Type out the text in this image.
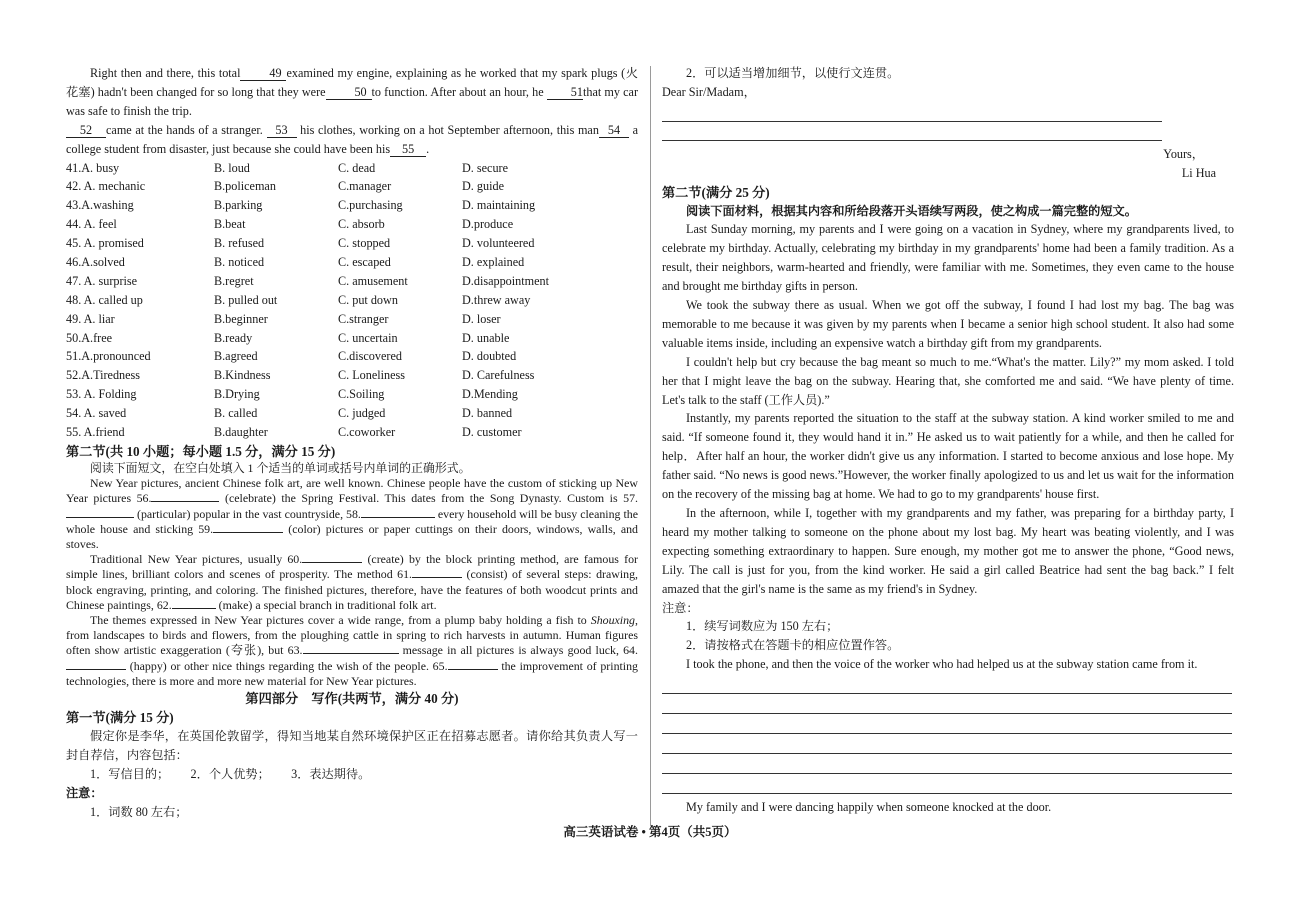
Right then and there, this total 49 examined my engine, explaining as he worked that my spark plugs (火花塞) hadn't been changed for so long that they were 50 to function. After about an hour, he 51that my car was safe to finish the trip.

52 came at the hands of a stranger. 53 his clothes, working on a hot September afternoon, this man 54 a college student from disaster, just because she could have been his 55 .

41.A. busy	B. loud	C. dead	D. secure
42. A. mechanic	B.policeman	C.manager	D. guide
43.A.washing	B.parking	C.purchasing	D. maintaining
44. A. feel	B.beat	C. absorb	D.produce
45. A. promised	B. refused	C. stopped	D. volunteered
46.A.solved	B. noticed	C. escaped	D. explained
47. A. surprise	B.regret	C. amusement	D.disappointment
48. A. called up	B. pulled out	C. put down	D.threw away
49. A. liar	B.beginner	C.stranger	D. loser
50.A.free	B.ready	C. uncertain	D. unable
51.A.pronounced	B.agreed	C.discovered	D. doubted
52.A.Tiredness	B.Kindness	C. Loneliness	D. Carefulness
53. A. Folding	B.Drying	C.Soiling	D.Mending
54. A. saved	B. called	C. judged	D. banned
55. A.friend	B.daughter	C.coworker	D. customer

第二节(共 10 小题；每小题 1.5 分，满分 15 分)

阅读下面短文，在空白处填入 1 个适当的单词或括号内单词的正确形式。

New Year pictures, ancient Chinese folk art, are well known. Chinese people have the custom of sticking up New Year pictures 56.	(celebrate) the Spring Festival. This dates from the Song Dynasty. Custom is 57. (particular) popular in the vast countryside, 58.	every household will be busy cleaning the whole house and sticking 59.	(color) pictures or paper cuttings on their doors, windows, walls, and stoves.

Traditional New Year pictures, usually 60.	(create) by the block printing method, are famous for simple lines, brilliant colors and scenes of prosperity. The method 61.	(consist) of several steps: drawing, block engraving, printing, and coloring. The finished pictures, therefore, have the features of both woodcut prints and Chinese paintings, 62.	(make) a special branch in traditional folk art.

The themes expressed in New Year pictures cover a wide range, from a plump baby holding a fish to Shouxing, from landscapes to birds and flowers, from the ploughing cattle in spring to rich harvests in autumn. Human figures often show artistic exaggeration (夸张), but 63.	message in all pictures is always good luck, 64. (happy) or other nice things regarding the wish of the people. 65.	the improvement of printing technologies, there is more and more new material for New Year pictures.

第四部分　写作(共两节，满分 40 分)

第一节(满分 15 分)

假定你是李华，在英国伦敦留学，得知当地某自然环境保护区正在招募志愿者。请你给其负责人写一封自荐信，内容包括：

1．写信目的； 2．个人优势； 3．表达期待。

注意：

1．词数 80 左右；

2．可以适当增加细节，以使行文连贯。

Dear Sir/Madam，

Yours，

Li Hua

第二节(满分 25 分)

阅读下面材料，根据其内容和所给段落开头语续写两段，使之构成一篇完整的短文。

Last Sunday morning, my parents and I were going on a vacation in Sydney, where my grandparents lived, to celebrate my birthday. Actually, celebrating my birthday in my grandparents' home had been a family tradition. As a result, their neighbors, warm-hearted and friendly, were familiar with me. Sometimes, they even came to the house and brought me birthday gifts in person.

We took the subway there as usual. When we got off the subway, I found I had lost my bag. The bag was memorable to me because it was given by my parents when I became a senior high school student. It also had some valuable items inside, including an expensive watch a birthday gift from my grandparents.

I couldn't help but cry because the bag meant so much to me.“What's the matter. Lily?” my mom asked. I told her that I might leave the bag on the subway. Hearing that, she comforted me and said. “We have plenty of time. Let's talk to the staff (工作人员).”

Instantly, my parents reported the situation to the staff at the subway station. A kind worker smiled to me and said. “If someone found it, they would hand it in.” He asked us to wait patiently for a while, and then he called for help．After half an hour, the worker didn't give us any information. I started to become anxious and lose hope. My father said. “No news is good news.”However, the worker finally apologized to us and let us wait for the information on the recovery of the missing bag at home. We had to go to my grandparents' house first.

In the afternoon, while I, together with my grandparents and my father, was preparing for a birthday party, I heard my mother talking to someone on the phone about my lost bag. My heart was beating violently, and I was expecting something extraordinary to happen. Sure enough, my mother got me to answer the phone, “Good news, Lily. The call is just for you, from the kind worker. He said a girl called Beatrice had sent the bag back.” I felt amazed that the girl's name is the same as my friend's in Sydney.

注意：

1．续写词数应为 150 左右；

2．请按格式在答题卡的相应位置作答。

I took the phone, and then the voice of the worker who had helped us at the subway station came from it.

My family and I were dancing happily when someone knocked at the door.

高三英语试卷 • 第4页（共5页）
